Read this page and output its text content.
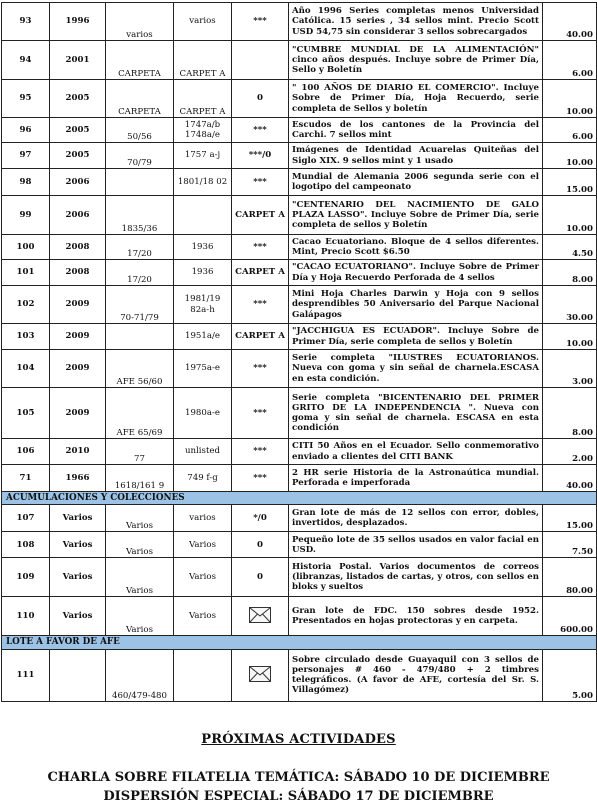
93	1996	varios	varios	***	Año 1996 Series completas menos Universidad Católica. 15 series , 34 sellos mint. Precio Scott USD 54,75 sin considerar 3 sellos sobrecargados	40.00
94	2001	CARPETA	CARPET A		"CUMBRE MUNDIAL DE LA ALIMENTACIÓN" cinco años después. Incluye sobre de Primer Día, Sello y Boletín	6.00
95	2005	CARPETA	CARPET A	0	" 100 AÑOS DE DIARIO EL COMERCIO". Incluye Sobre de Primer Día, Hoja Recuerdo, serie completa de Sellos y boletín	10.00
96	2005	50/56	1747a/b 1748a/e	***	Escudos de los cantones de la Provincia del Carchi. 7 sellos mint	6.00
97	2005	70/79	1757 a-j	***/0	Imágenes de Identidad Acuarelas Quiteñas del Siglo XIX. 9 sellos mint y 1 usado	10.00
98	2006		1801/18 02	***	Mundial de Alemania 2006 segunda serie con el logotipo del campeonato	15.00
99	2006	1835/36		CARPET A	"CENTENARIO DEL NACIMIENTO DE GALO PLAZA LASSO". Incluye Sobre de Primer Día, serie completa de sellos y Boletín	10.00
100	2008	17/20	1936	***	Cacao Ecuatoriano. Bloque de 4 sellos diferentes. Mint, Precio Scott $6.50	4.50
101	2008	17/20	1936	CARPET A	"CACAO ECUATORIANO". Incluye Sobre de Primer Día y Hoja Recuerdo Perforada de 4 sellos	8.00
102	2009	70-71/79	1981/19 82a-h	***	Mini Hoja Charles Darwin y Hoja con 9 sellos desprendibles 50 Aniversario del Parque Nacional Galápagos	30.00
103	2009		1951a/e	CARPET A	"JACCHIGUA ES ECUADOR". Incluye Sobre de Primer Día, serie completa de sellos y Boletín	10.00
104	2009	AFE 56/60	1975a-e	***	Serie completa "ILUSTRES ECUATORIANOS. Nueva con goma y sin señal de charnela.ESCASA en esta condición.	3.00
105	2009	AFE 65/69	1980a-e	***	Serie completa "BICENTENARIO DEL PRIMER GRITO DE LA INDEPENDENCIA ". Nueva con goma y sin señal de charnela. ESCASA en esta condición	8.00
106	2010	77	unlisted	***	CITI 50 Años en el Ecuador. Sello conmemorativo enviado a clientes del CITI BANK	2.00
71	1966	1618/161 9	749 f-g	***	2 HR serie Historia de la Astronaútica mundial. Perforada e imperforada	40.00
ACUMULACIONES Y COLECCIONES						
107	Varios	Varios	varios	*/0	Gran lote de más de 12 sellos con error, dobles, invertidos, desplazados.	15.00
108	Varios	Varios	Varios	0	Pequeño lote de 35 sellos usados en valor facial en USD.	7.50
109	Varios	Varios	Varios	0	Historia Postal. Varios documentos de correos (libranzas, listados de cartas, y otros, con sellos en bloks y sueltos	80.00
110	Varios	Varios	Varios		Gran lote de FDC. 150 sobres desde 1952. Presentados en hojas protectoras y en carpeta.	600.00
LOTE A FAVOR DE AFE						
111		460/479-480			Sobre circulado desde Guayaquil con 3 sellos de personajes # 460 - 479/480 + 2 timbres telegráficos. (A favor de AFE, cortesía del Sr. S. Villagómez)	5.00
PRÓXIMAS ACTIVIDADES
CHARLA SOBRE FILATELIA TEMÁTICA: SÁBADO 10 DE DICIEMBRE
DISPERSIÓN ESPECIAL: SÁBADO 17 DE DICIEMBRE
